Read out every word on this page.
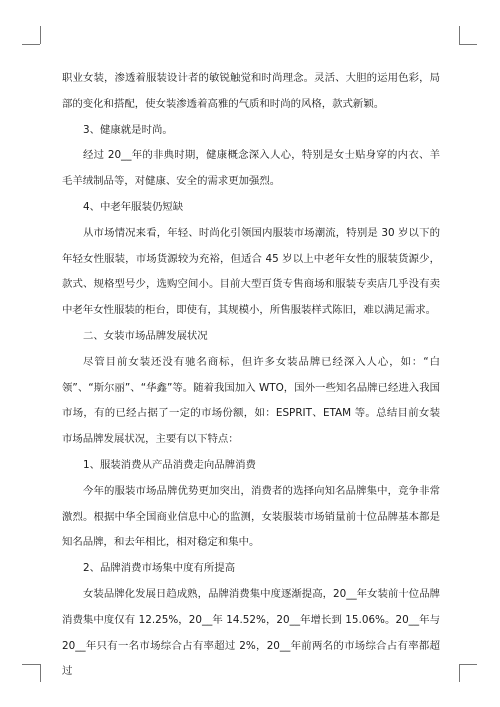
职业女装，渗透着服装设计者的敏锐触觉和时尚理念。灵活、大胆的运用色彩，局部的变化和搭配，使女装渗透着高雅的气质和时尚的风格，款式新颖。

3、健康就是时尚。

经过 20__年的非典时期，健康概念深入人心，特别是女士贴身穿的内衣、羊毛羊绒制品等，对健康、安全的需求更加强烈。

4、中老年服装仍短缺

从市场情况来看，年轻、时尚化引领国内服装市场潮流，特别是 30 岁以下的年轻女性服装，市场货源较为充裕，但适合 45 岁以上中老年女性的服装货源少，款式、规格型号少，选购空间小。目前大型百货专售商场和服装专卖店几乎没有卖中老年女性服装的柜台，即使有，其规模小，所售服装样式陈旧，难以满足需求。

二、女装市场品牌发展状况

尽管目前女装还没有驰名商标，但许多女装品牌已经深入人心，如：“白领”、“斯尔丽”、“华鑫”等。随着我国加入 WTO，国外一些知名品牌已经进入我国市场，有的已经占据了一定的市场份额，如：ESPRIT、ETAM 等。总结目前女装市场品牌发展状况，主要有以下特点：

1、服装消费从产品消费走向品牌消费

今年的服装市场品牌优势更加突出，消费者的选择向知名品牌集中，竞争非常激烈。根据中华全国商业信息中心的监测，女装服装市场销量前十位品牌基本都是知名品牌，和去年相比，相对稳定和集中。

2、品牌消费市场集中度有所提高

女装品牌化发展日趋成熟，品牌消费集中度逐渐提高，20__年女装前十位品牌消费集中度仅有 12.25%，20__年 14.52%，20__年增长到 15.06%。20__年与 20__年只有一名市场综合占有率超过 2%，20__年前两名的市场综合占有率都超过
